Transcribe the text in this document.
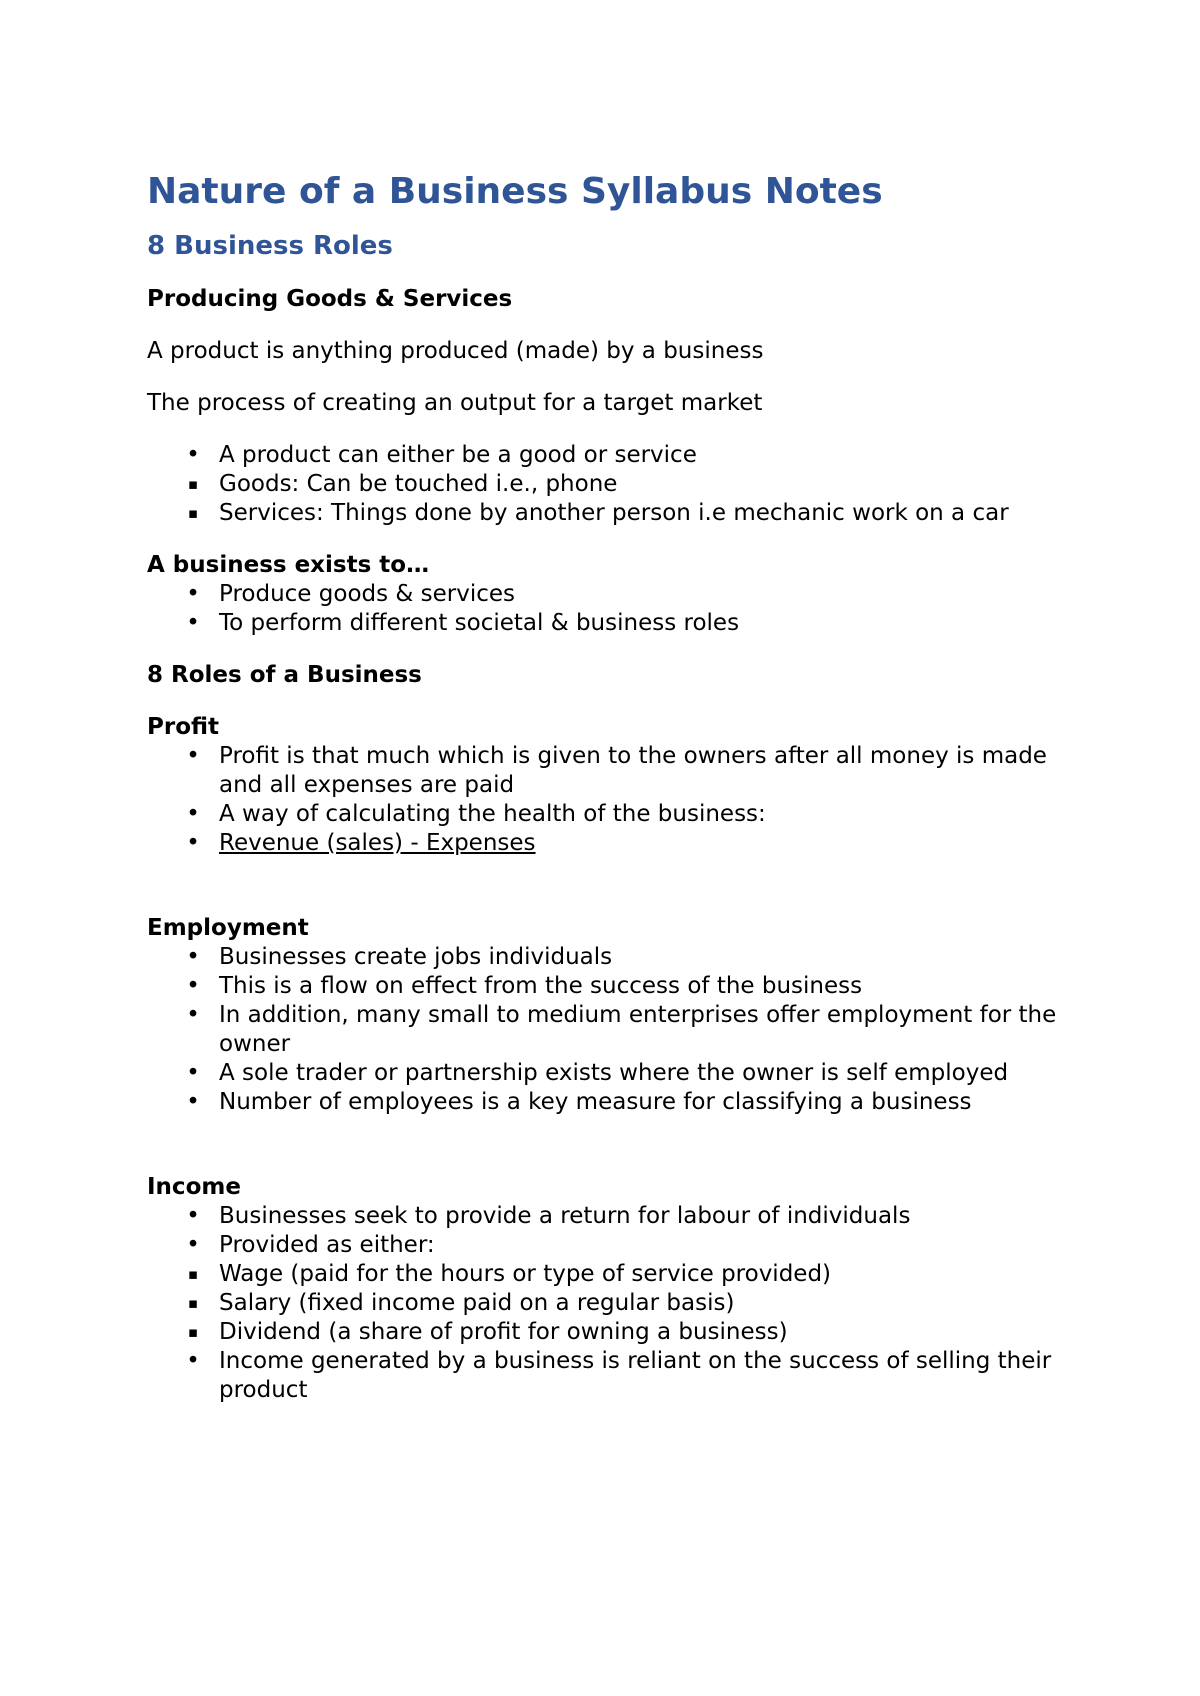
Nature of a Business Syllabus Notes
8 Business Roles

Producing Goods & Services

A product is anything produced (made) by a business

The process of creating an output for a target market

• A product can either be a good or service
▪ Goods: Can be touched i.e., phone
▪ Services: Things done by another person i.e mechanic work on a car

A business exists to…

• Produce goods & services
• To perform different societal & business roles

8 Roles of a Business

Profit

• Profit is that much which is given to the owners after all money is made and all expenses are paid
• A way of calculating the health of the business:
• Revenue (sales) - Expenses

Employment

• Businesses create jobs individuals
• This is a flow on effect from the success of the business
• In addition, many small to medium enterprises offer employment for the owner
• A sole trader or partnership exists where the owner is self employed
• Number of employees is a key measure for classifying a business

Income

• Businesses seek to provide a return for labour of individuals
• Provided as either:
▪ Wage (paid for the hours or type of service provided)
▪ Salary (fixed income paid on a regular basis)
▪ Dividend (a share of profit for owning a business)
• Income generated by a business is reliant on the success of selling their product
